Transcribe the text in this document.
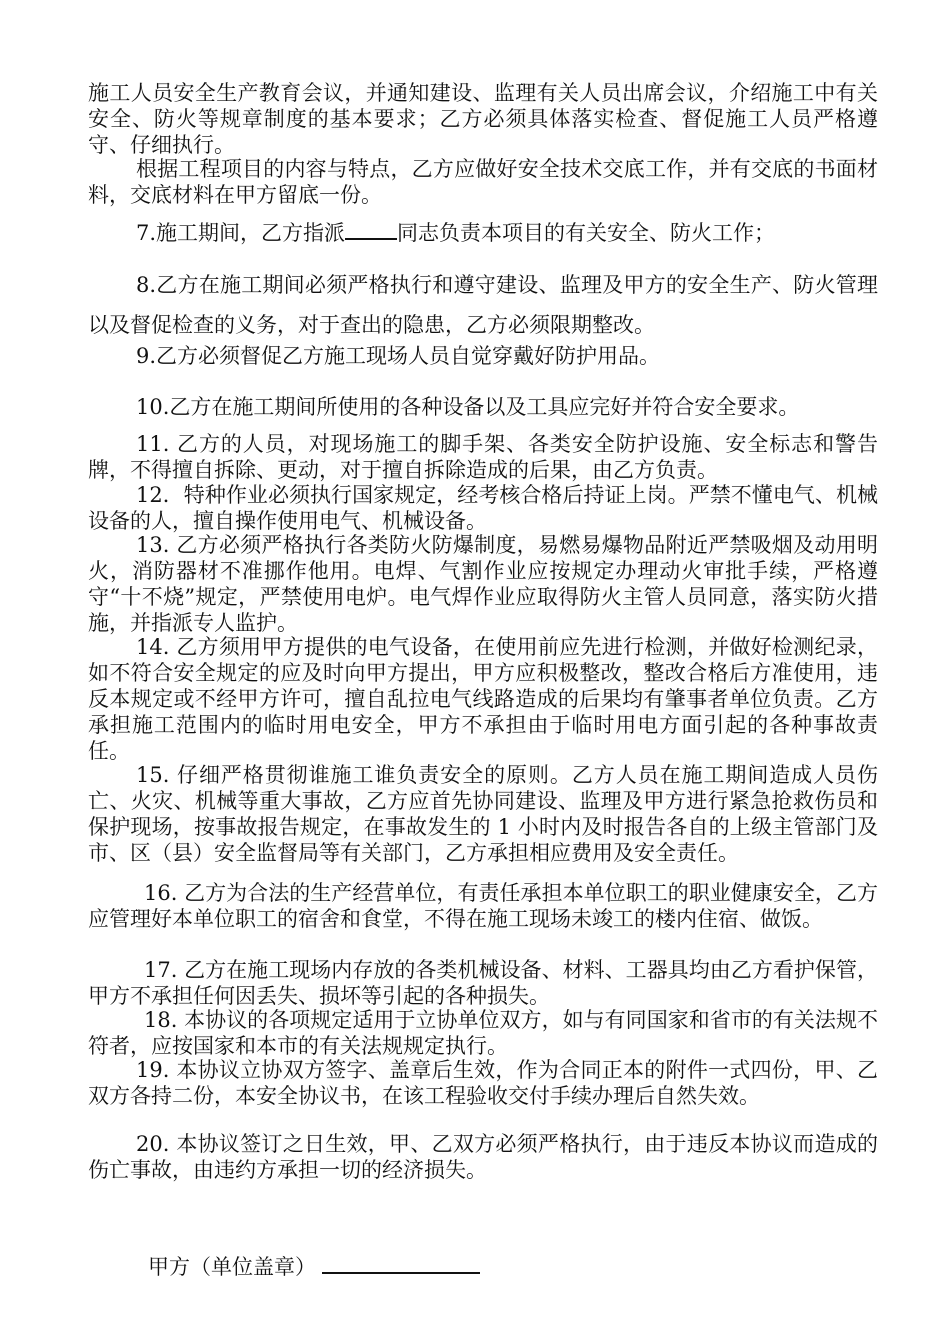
施工人员安全生产教育会议，并通知建设、监理有关人员出席会议，介绍施工中有关安全、防火等规章制度的基本要求；乙方必须具体落实检查、督促施工人员严格遵守、仔细执行。

根据工程项目的内容与特点，乙方应做好安全技术交底工作，并有交底的书面材料，交底材料在甲方留底一份。

7.施工期间，乙方指派 同志负责本项目的有关安全、防火工作；

8.乙方在施工期间必须严格执行和遵守建设、监理及甲方的安全生产、防火管理以及督促检查的义务，对于查出的隐患，乙方必须限期整改。

9.乙方必须督促乙方施工现场人员自觉穿戴好防护用品。

10.乙方在施工期间所使用的各种设备以及工具应完好并符合安全要求。

11. 乙方的人员，对现场施工的脚手架、各类安全防护设施、安全标志和警告牌，不得擅自拆除、更动，对于擅自拆除造成的后果，由乙方负责。

12．特种作业必须执行国家规定，经考核合格后持证上岗。严禁不懂电气、机械设备的人，擅自操作使用电气、机械设备。

13. 乙方必须严格执行各类防火防爆制度，易燃易爆物品附近严禁吸烟及动用明火，消防器材不准挪作他用。电焊、气割作业应按规定办理动火审批手续，严格遵守“十不烧”规定，严禁使用电炉。电气焊作业应取得防火主管人员同意，落实防火措施，并指派专人监护。

14. 乙方须用甲方提供的电气设备，在使用前应先进行检测，并做好检测纪录，如不符合安全规定的应及时向甲方提出，甲方应积极整改，整改合格后方准使用，违反本规定或不经甲方许可，擅自乱拉电气线路造成的后果均有肇事者单位负责。乙方承担施工范围内的临时用电安全，甲方不承担由于临时用电方面引起的各种事故责任。

15. 仔细严格贯彻谁施工谁负责安全的原则。乙方人员在施工期间造成人员伤亡、火灾、机械等重大事故，乙方应首先协同建设、监理及甲方进行紧急抢救伤员和保护现场，按事故报告规定，在事故发生的 1 小时内及时报告各自的上级主管部门及市、区（县）安全监督局等有关部门，乙方承担相应费用及安全责任。

16. 乙方为合法的生产经营单位，有责任承担本单位职工的职业健康安全，乙方应管理好本单位职工的宿舍和食堂，不得在施工现场未竣工的楼内住宿、做饭。

17. 乙方在施工现场内存放的各类机械设备、材料、工器具均由乙方看护保管，甲方不承担任何因丢失、损坏等引起的各种损失。

18. 本协议的各项规定适用于立协单位双方，如与有同国家和省市的有关法规不符者，应按国家和本市的有关法规规定执行。

19. 本协议立协双方签字、盖章后生效，作为合同正本的附件一式四份，甲、乙双方各持二份，本安全协议书，在该工程验收交付手续办理后自然失效。

20. 本协议签订之日生效，甲、乙双方必须严格执行，由于违反本协议而造成的伤亡事故，由违约方承担一切的经济损失。

甲方（单位盖章）
